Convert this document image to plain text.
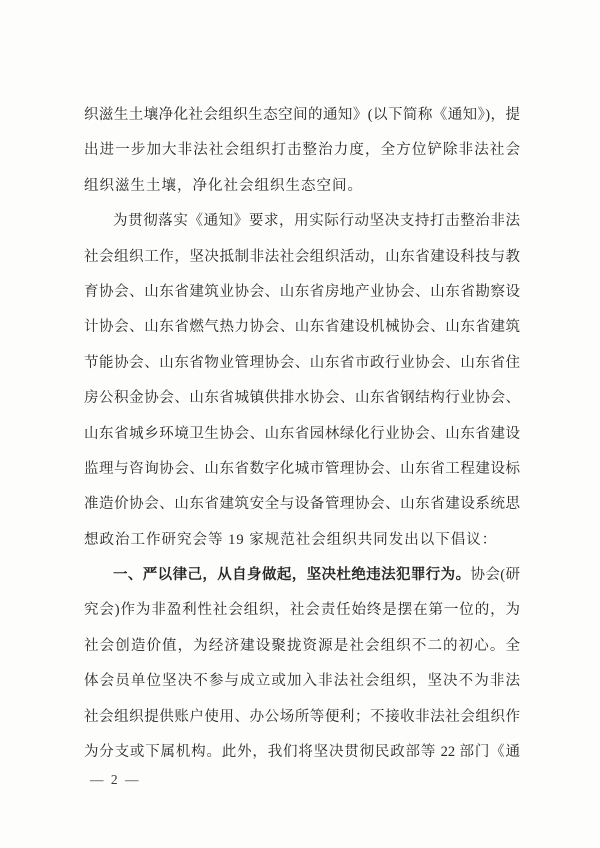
织滋生土壤净化社会组织生态空间的通知》(以下简称《通知》)，提
出进一步加大非法社会组织打击整治力度，全方位铲除非法社会
组织滋生土壤，净化社会组织生态空间。
为贯彻落实《通知》要求，用实际行动坚决支持打击整治非法
社会组织工作，坚决抵制非法社会组织活动，山东省建设科技与教
育协会、山东省建筑业协会、山东省房地产业协会、山东省勘察设
计协会、山东省燃气热力协会、山东省建设机械协会、山东省建筑
节能协会、山东省物业管理协会、山东省市政行业协会、山东省住
房公积金协会、山东省城镇供排水协会、山东省钢结构行业协会、
山东省城乡环境卫生协会、山东省园林绿化行业协会、山东省建设
监理与咨询协会、山东省数字化城市管理协会、山东省工程建设标
准造价协会、山东省建筑安全与设备管理协会、山东省建设系统思
想政治工作研究会等 19 家规范社会组织共同发出以下倡议：
一、严以律己，从自身做起，坚决杜绝违法犯罪行为。协会(研
究会)作为非盈利性社会组织，社会责任始终是摆在第一位的，为
社会创造价值，为经济建设聚拢资源是社会组织不二的初心。全
体会员单位坚决不参与成立或加入非法社会组织，坚决不为非法
社会组织提供账户使用、办公场所等便利；不接收非法社会组织作
为分支或下属机构。此外，我们将坚决贯彻民政部等 22 部门《通
— 2 —
